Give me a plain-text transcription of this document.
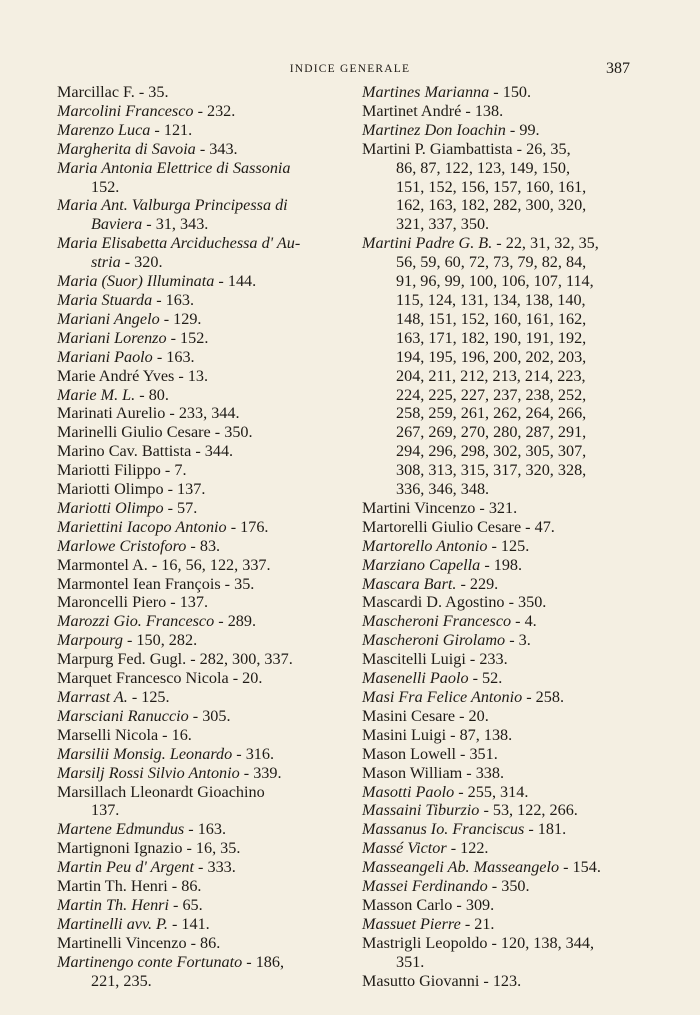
INDICE GENERALE	387
Marcillac F. - 35.
Marcolini Francesco - 232.
Marenzo Luca - 121.
Margherita di Savoia - 343.
Maria Antonia Elettrice di Sassonia
152.
Maria Ant. Valburga Principessa di
Baviera - 31, 343.
Maria Elisabetta Arciduchessa d' Au-
stria - 320.
Maria (Suor) Illuminata - 144.
Maria Stuarda - 163.
Mariani Angelo - 129.
Mariani Lorenzo - 152.
Mariani Paolo - 163.
Marie André Yves - 13.
Marie M. L. - 80.
Marinati Aurelio - 233, 344.
Marinelli Giulio Cesare - 350.
Marino Cav. Battista - 344.
Mariotti Filippo - 7.
Mariotti Olimpo - 137.
Mariotti Olimpo - 57.
Mariettini Iacopo Antonio - 176.
Marlowe Cristoforo - 83.
Marmontel A. - 16, 56, 122, 337.
Marmontel Iean François - 35.
Maroncelli Piero - 137.
Marozzi Gio. Francesco - 289.
Marpourg - 150, 282.
Marpurg Fed. Gugl. - 282, 300, 337.
Marquet Francesco Nicola - 20.
Marrast A. - 125.
Marsciani Ranuccio - 305.
Marselli Nicola - 16.
Marsilii Monsig. Leonardo - 316.
Marsilj Rossi Silvio Antonio - 339.
Marsillach Lleonardt Gioachino
137.
Martene Edmundus - 163.
Martignoni Ignazio - 16, 35.
Martin Peu d' Argent - 333.
Martin Th. Henri - 86.
Martin Th. Henri - 65.
Martinelli avv. P. - 141.
Martinelli Vincenzo - 86.
Martinengo conte Fortunato - 186,
221, 235.
Martines Marianna - 150.
Martinet André - 138.
Martinez Don Ioachin - 99.
Martini P. Giambattista - 26, 35,
86, 87, 122, 123, 149, 150,
151, 152, 156, 157, 160, 161,
162, 163, 182, 282, 300, 320,
321, 337, 350.
Martini Padre G. B. - 22, 31, 32, 35,
56, 59, 60, 72, 73, 79, 82, 84,
91, 96, 99, 100, 106, 107, 114,
115, 124, 131, 134, 138, 140,
148, 151, 152, 160, 161, 162,
163, 171, 182, 190, 191, 192,
194, 195, 196, 200, 202, 203,
204, 211, 212, 213, 214, 223,
224, 225, 227, 237, 238, 252,
258, 259, 261, 262, 264, 266,
267, 269, 270, 280, 287, 291,
294, 296, 298, 302, 305, 307,
308, 313, 315, 317, 320, 328,
336, 346, 348.
Martini Vincenzo - 321.
Martorelli Giulio Cesare - 47.
Martorello Antonio - 125.
Marziano Capella - 198.
Mascara Bart. - 229.
Mascardi D. Agostino - 350.
Mascheroni Francesco - 4.
Mascheroni Girolamo - 3.
Mascitelli Luigi - 233.
Masenelli Paolo - 52.
Masi Fra Felice Antonio - 258.
Masini Cesare - 20.
Masini Luigi - 87, 138.
Mason Lowell - 351.
Mason William - 338.
Masotti Paolo - 255, 314.
Massaini Tiburzio - 53, 122, 266.
Massanus Io. Franciscus - 181.
Massé Victor - 122.
Masseangeli Ab. Masseangelo - 154.
Massei Ferdinando - 350.
Masson Carlo - 309.
Massuet Pierre - 21.
Mastrigli Leopoldo - 120, 138, 344,
351.
Masutto Giovanni - 123.
